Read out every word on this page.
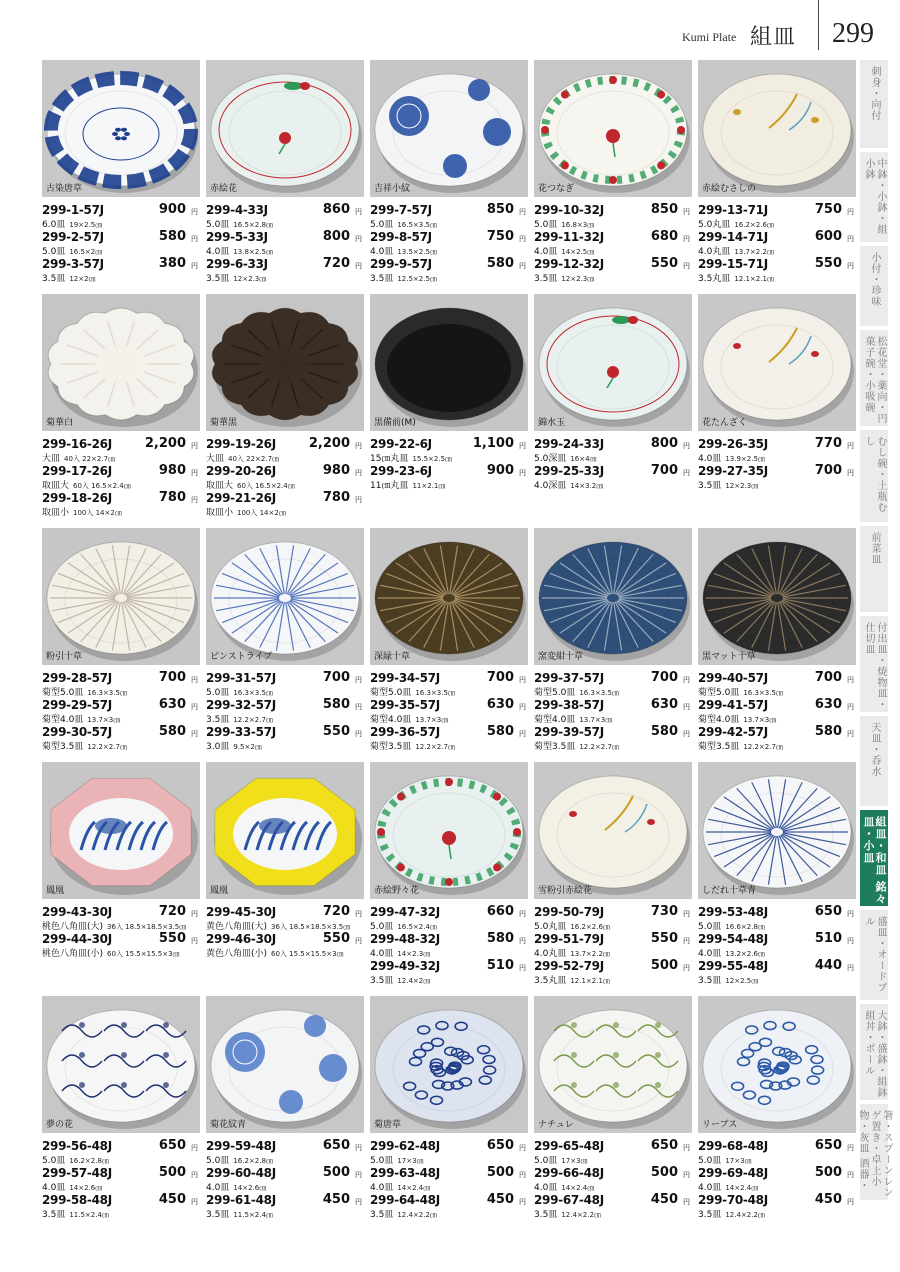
Kumi Plate 組皿 299
刺身・向付
中鉢・小鉢・組小鉢
小付・珍味
松花堂・薬向・円菓子碗・小吸碗
むし碗・土瓶むし
前菜皿
付出皿・焼物皿・仕切皿
天皿・呑水
組皿・和皿 銘々皿・小皿
盛皿・オードブル
大鉢・盛鉢・組鉢 組丼・ボール
箸・スプーンレンゲ置き・卓上小物・灰皿 酒器・
古染唐草
299-1-57J	900 円
6.0皿 19×2.5㎝
299-2-57J	580 円
5.0皿 16.5×2㎝
299-3-57J	380 円
3.5皿 12×2㎝
赤絵花
299-4-33J	860 円
5.0皿 16.5×2.8㎝
299-5-33J	800 円
4.0皿 13.8×2.5㎝
299-6-33J	720 円
3.5皿 12×2.3㎝
吉祥小紋
299-7-57J	850 円
5.0皿 16.5×3.5㎝
299-8-57J	750 円
4.0皿 13.5×2.5㎝
299-9-57J	580 円
3.5皿 12.5×2.5㎝
花つなぎ
299-10-32J	850 円
5.0皿 16.8×3㎝
299-11-32J	680 円
4.0皿 14×2.5㎝
299-12-32J	550 円
3.5皿 12×2.3㎝
赤絵むさしの
299-13-71J	750 円
5.0丸皿 16.2×2.6㎝
299-14-71J	600 円
4.0丸皿 13.7×2.2㎝
299-15-71J	550 円
3.5丸皿 12.1×2.1㎝
菊華白
299-16-26J	2,200 円
大皿 40入 22×2.7㎝
299-17-26J	980 円
取皿大 60入 16.5×2.4㎝
299-18-26J	780 円
取皿小 100入 14×2㎝
菊華黒
299-19-26J	2,200 円
大皿 40入 22×2.7㎝
299-20-26J	980 円
取皿大 60入 16.5×2.4㎝
299-21-26J	780 円
取皿小 100入 14×2㎝
黒備前(M)
299-22-6J	1,100 円
15㎝丸皿 15.5×2.5㎝
299-23-6J	900 円
11㎝丸皿 11×2.1㎝
錦水玉
299-24-33J	800 円
5.0深皿 16×4㎝
299-25-33J	700 円
4.0深皿 14×3.2㎝
花たんざく
299-26-35J	770 円
4.0皿 13.9×2.5㎝
299-27-35J	700 円
3.5皿 12×2.3㎝
粉引十草
299-28-57J	700 円
菊型5.0皿 16.3×3.5㎝
299-29-57J	630 円
菊型4.0皿 13.7×3㎝
299-30-57J	580 円
菊型3.5皿 12.2×2.7㎝
ピンストライプ
299-31-57J	700 円
5.0皿 16.3×3.5㎝
299-32-57J	580 円
3.5皿 12.2×2.7㎝
299-33-57J	550 円
3.0皿 9.5×2㎝
深緑十草
299-34-57J	700 円
菊型5.0皿 16.3×3.5㎝
299-35-57J	630 円
菊型4.0皿 13.7×3㎝
299-36-57J	580 円
菊型3.5皿 12.2×2.7㎝
窯変紺十草
299-37-57J	700 円
菊型5.0皿 16.3×3.5㎝
299-38-57J	630 円
菊型4.0皿 13.7×3㎝
299-39-57J	580 円
菊型3.5皿 12.2×2.7㎝
黒マット十草
299-40-57J	700 円
菊型5.0皿 16.3×3.5㎝
299-41-57J	630 円
菊型4.0皿 13.7×3㎝
299-42-57J	580 円
菊型3.5皿 12.2×2.7㎝
鳳凰
299-43-30J	720 円
桃色八角皿(大) 36入 18.5×18.5×3.5㎝
299-44-30J	550 円
桃色八角皿(小) 60入 15.5×15.5×3㎝
鳳凰
299-45-30J	720 円
黄色八角皿(大) 36入 18.5×18.5×3.5㎝
299-46-30J	550 円
黄色八角皿(小) 60入 15.5×15.5×3㎝
赤絵野々花
299-47-32J	660 円
5.0皿 16.5×2.4㎝
299-48-32J	580 円
4.0皿 14×2.3㎝
299-49-32J	510 円
3.5皿 12.4×2㎝
雪粉引赤絵花
299-50-79J	730 円
5.0丸皿 16.2×2.6㎝
299-51-79J	550 円
4.0丸皿 13.7×2.2㎝
299-52-79J	500 円
3.5丸皿 12.1×2.1㎝
しだれ十草青
299-53-48J	650 円
5.0皿 16.6×2.8㎝
299-54-48J	510 円
4.0皿 13.2×2.6㎝
299-55-48J	440 円
3.5皿 12×2.5㎝
夢の花
299-56-48J	650 円
5.0皿 16.2×2.8㎝
299-57-48J	500 円
4.0皿 14×2.6㎝
299-58-48J	450 円
3.5皿 11.5×2.4㎝
菊花紋青
299-59-48J	650 円
5.0皿 16.2×2.8㎝
299-60-48J	500 円
4.0皿 14×2.6㎝
299-61-48J	450 円
3.5皿 11.5×2.4㎝
菊唐草
299-62-48J	650 円
5.0皿 17×3㎝
299-63-48J	500 円
4.0皿 14×2.4㎝
299-64-48J	450 円
3.5皿 12.4×2.2㎝
ナチュレ
299-65-48J	650 円
5.0皿 17×3㎝
299-66-48J	500 円
4.0皿 14×2.4㎝
299-67-48J	450 円
3.5皿 12.4×2.2㎝
リーブス
299-68-48J	650 円
5.0皿 17×3㎝
299-69-48J	500 円
4.0皿 14×2.4㎝
299-70-48J	450 円
3.5皿 12.4×2.2㎝
